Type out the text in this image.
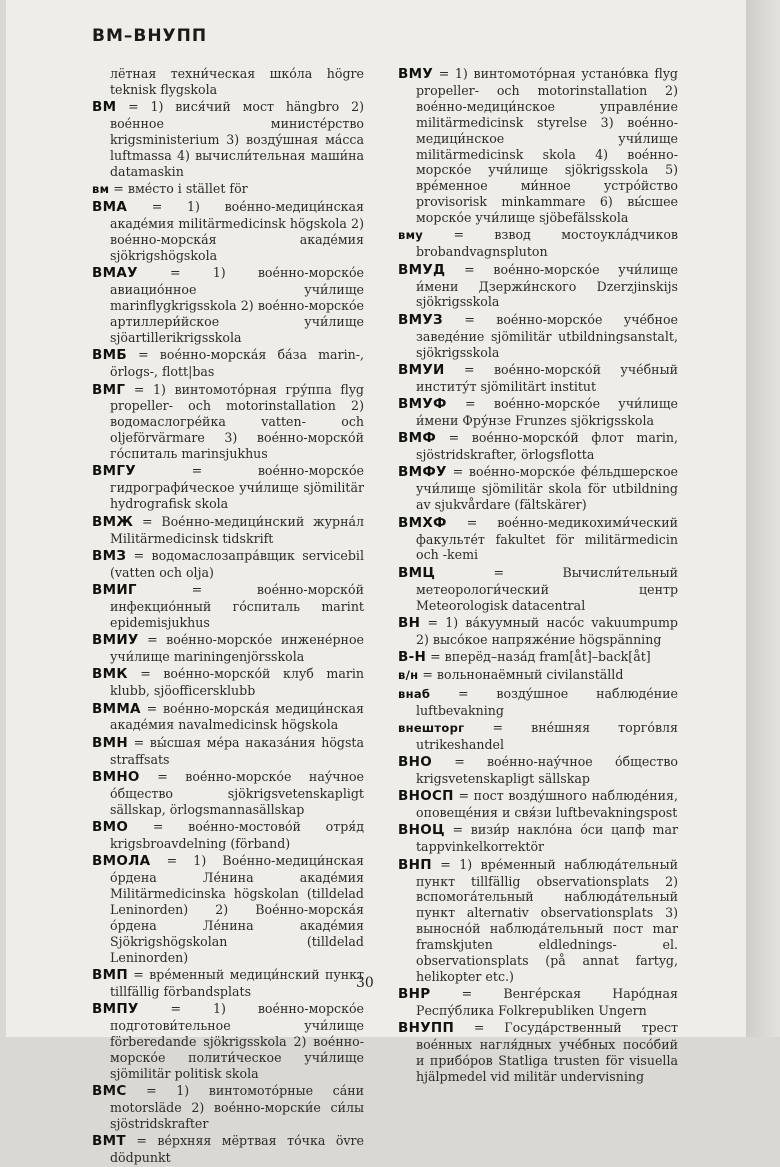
ВМ–ВНУПП

лётная техни́ческая шко́ла högre teknisk flygskola

ВМ = 1) вися́чий мост hängbro 2) вое́нное министе́рство krigsministerium 3) возду́шная ма́сса luftmassa 4) вычисли́тельная маши́на datamaskin

вм = вме́сто i stället för

ВМА = 1) вое́нно-медици́нская акаде́мия militärmedicinsk högskola 2) вое́нно-морска́я акаде́мия sjökrigshögskola

ВМАУ	= 1) вое́нно-морско́е авиацио́нное учи́лище marinflygkrigsskola 2) вое́нно-морско́е артиллери́йское учи́лище sjöartillerikrigsskola

ВМБ = вое́нно-морска́я ба́за marin-, örlogs-, flott|bas

ВМГ = 1) винтомото́рная гру́ппа flyg propeller- och motorinstallation 2) водомаслогре́йка vatten- och oljeförvärmare 3) вое́нно-морско́й го́спиталь marinsjukhus

ВМГУ	= вое́нно-морско́е гидрографи́ческое учи́лище sjömilitär hydrografisk skola

ВМЖ = Вое́нно-медици́нский журна́л Militärmedicinsk tidskrift

ВМЗ = водомаслозапра́вщик servicebil (vatten och olja)

ВМИГ	= вое́нно-морско́й инфекцио́нный го́спиталь marint epidemisjukhus

ВМИУ = вое́нно-морско́е инжене́рное учи́лище mariningenjörsskola

ВМК = вое́нно-морско́й клуб marin klubb, sjöofficersklubb

ВММА = вое́нно-морска́я медици́нская акаде́мия navalmedicinsk högskola

ВМН = вы́сшая ме́ра наказа́ния högsta straffsats

ВМНО = вое́нно-морско́е нау́чное о́бщество sjökrigsvetenskapligt sällskap, örlogsmannasällskap

ВМО = вое́нно-мостово́й отря́д krigsbroavdelning (förband)

ВМОЛА = 1) Вое́нно-медици́нская о́рдена Ле́нина акаде́мия Militärmedicinska högskolan (tilldelad Leninorden) 2) Вое́нно-морска́я о́рдена Ле́нина акаде́мия Sjökrigshögskolan (tilldelad Leninorden)

ВМП = вре́менный медици́нский пункт tillfällig förbandsplats

ВМПУ	= 1) вое́нно-морско́е подготови́тельное учи́лище förberedande sjökrigsskola 2) вое́нно-морско́е полити́ческое учи́лище sjömilitär politisk skola

ВМС = 1) винтомото́рные са́ни motorsläde 2) вое́нно-морски́е си́лы sjöstridskrafter

ВМТ = ве́рхняя мёртвая то́чка övre dödpunkt

ВМУ = 1) винтомото́рная устано́вка flyg propeller- och motorinstallation 2) вое́нно-медици́нское управле́ние militärmedicinsk styrelse 3) вое́нно-медици́нское учи́лище militärmedicinsk skola 4) вое́нно-морско́е учи́лище sjökrigsskola 5) вре́менное ми́нное устро́йство provisorisk minkammare 6) вы́сшее морско́е учи́лище sjöbefälsskola

вму = взвод мостоукла́дчиков brobandvagnspluton

ВМУД = вое́нно-морско́е учи́лище и́мени Дзержи́нского Dzerzjinskijs sjökrigsskola

ВМУЗ = вое́нно-морско́е уче́бное заведе́ние sjömilitär utbildningsanstalt, sjökrigsskola

ВМУИ = вое́нно-морско́й уче́бный институ́т sjömilitärt institut

ВМУФ = вое́нно-морско́е учи́лище и́мени Фру́нзе Frunzes sjökrigsskola

ВМФ = вое́нно-морско́й флот marin, sjöstridskrafter, örlogsflotta

ВМФУ = вое́нно-морско́е фе́льдшерское учи́лище sjömilitär skola för utbildning av sjukvårdare (fältskärer)

ВМХФ = вое́нно-медикохими́ческий факульте́т fakultet för militärmedicin och -kemi

ВМЦ	= Вычисли́тельный метеорологи́ческий центр Meteorologisk datacentral

ВН = 1) ва́куумный насо́с vakuumpump 2) высо́кое напряже́ние högspänning

В-Н = вперёд–наза́д fram[åt]–back[åt]

в/н = вольнонаёмный civilanställd

внаб = возду́шное наблюде́ние luftbevakning

внешторг = вне́шняя торго́вля utrikeshandel

ВНО = вое́нно-нау́чное о́бщество krigsvetenskapligt sällskap

ВНОСП = пост возду́шного наблюде́ния, оповеще́ния и свя́зи luftbevakningspost

ВНОЦ = визи́р накло́на о́си цапф mar tappvinkelkorrektör

ВНП = 1) вре́менный наблюда́тельный пункт tillfällig observationsplats 2) вспомога́тельный наблюда́тельный пункт alternativ observationsplats 3) выносно́й наблюда́тельный пост mar framskjuten eldlednings- el. observationsplats (på annat fartyg, helikopter etc.)

ВНР = Венге́рская Наро́дная Респу́блика Folkrepubliken Ungern

ВНУПП = Госуда́рственный трест вое́нных нагля́дных уче́бных посо́бий и прибо́ров Statliga trusten för visuella hjälpmedel vid militär undervisning

30
